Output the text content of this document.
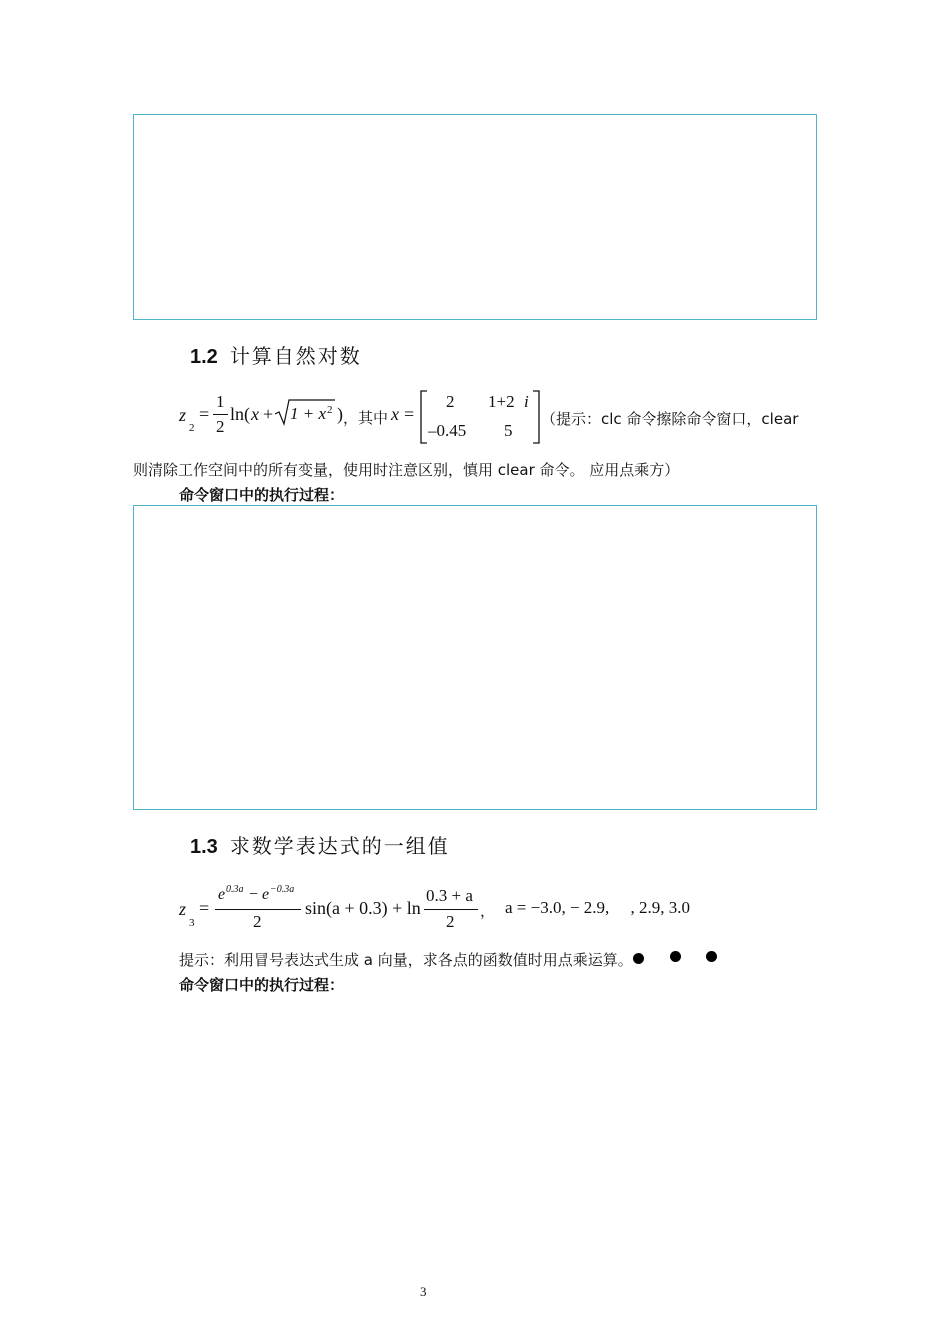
1.2 计算自然对数
z
2
=
1
2
ln( x + 1 + x 2 ) ，其中 x =
2 1+2 i
–0.45 5
（提示：clc 命令擦除命令窗口，clear
则清除工作空间中的所有变量，使用时注意区别，慎用 clear 命令。 应用点乘方）
命令窗口中的执行过程：
1.3 求数学表达式的一组值
z
3
=
e 0.3a − e −0.3a
2
sin(a + 0.3) + ln
0.3 + a
2
， a = −3.0, − 2.9,     , 2.9, 3.0
提示：利用冒号表达式生成 a 向量，求各点的函数值时用点乘运算。
命令窗口中的执行过程：
3
